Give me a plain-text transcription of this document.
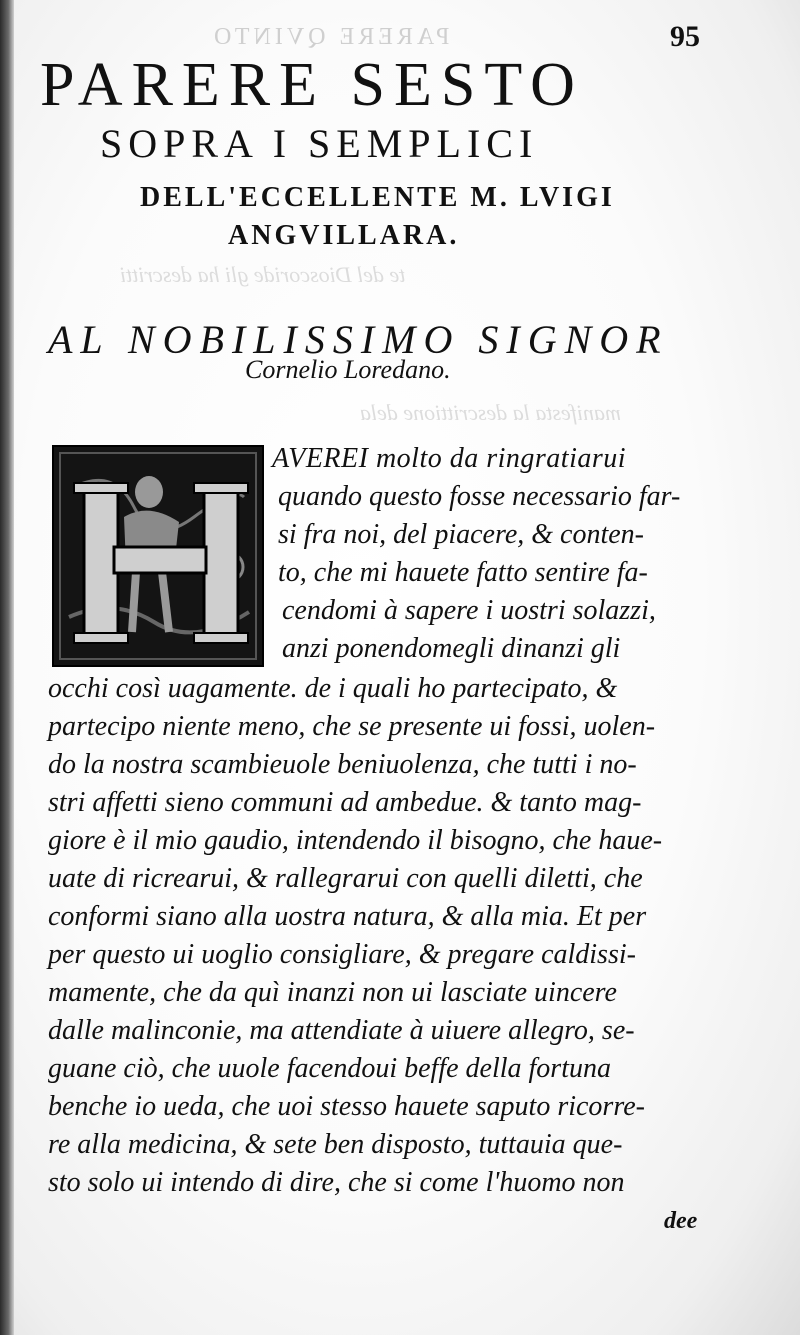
PARERE QVINTO
te del Dioscoride gli ha descritti
manifesta la descrittione dela
95
PARERE SESTO
SOPRA I SEMPLICI
DELL'ECCELLENTE M. LVIGI
ANGVILLARA.
AL NOBILISSIMO SIGNOR
Cornelio Loredano.
AVEREI molto da ringratiarui
quando questo fosse necessario far-
si fra noi, del piacere, & conten-
to, che mi hauete fatto sentire fa-
cendomi à sapere i uostri solazzi,
anzi ponendomegli dinanzi gli
occhi così uagamente. de i quali ho partecipato, &
partecipo niente meno, che se presente ui fossi, uolen-
do la nostra scambieuole beniuolenza, che tutti i no-
stri affetti sieno communi ad ambedue. & tanto mag-
giore è il mio gaudio, intendendo il bisogno, che haue-
uate di ricrearui, & rallegrarui con quelli diletti, che
conformi siano alla uostra natura, & alla mia. Et per
per questo ui uoglio consigliare, & pregare caldissi-
mamente, che da quì inanzi non ui lasciate uincere
dalle malinconie, ma attendiate à uiuere allegro, se-
guane ciò, che uuole facendoui beffe della fortuna
benche io ueda, che uoi stesso hauete saputo ricorre-
re alla medicina, & sete ben disposto, tuttauia que-
sto solo ui intendo di dire, che si come l'huomo non
dee
